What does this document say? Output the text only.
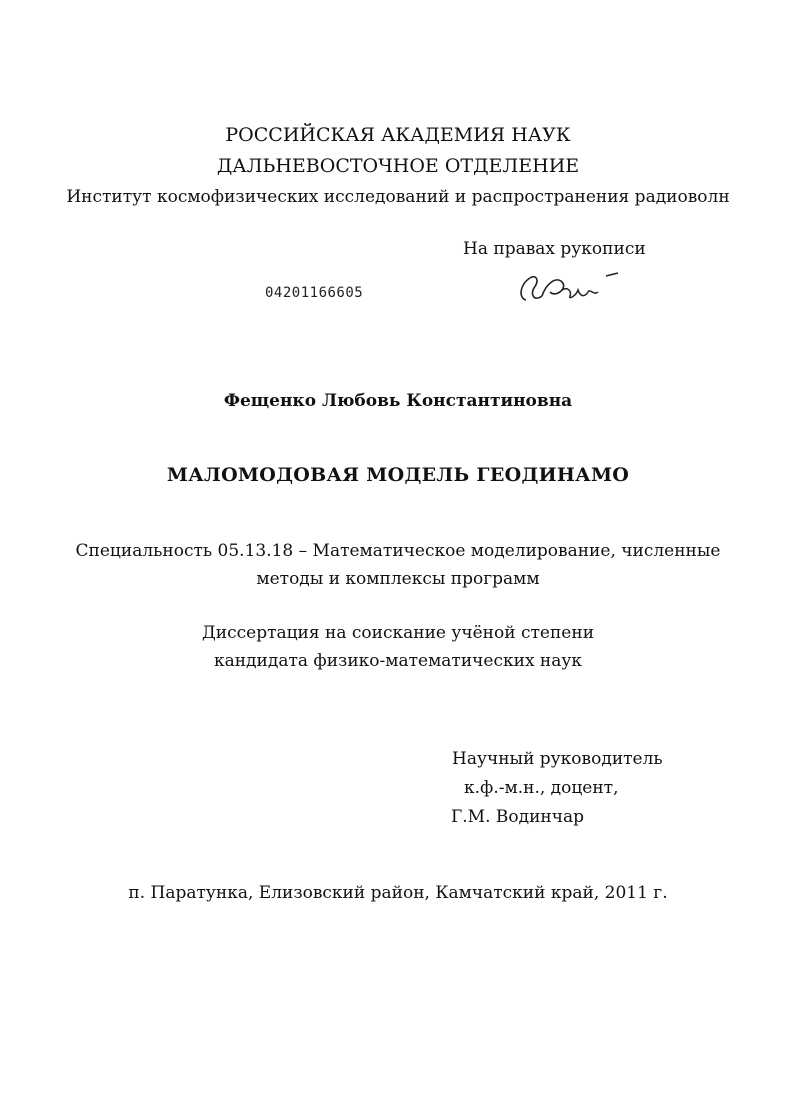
РОССИЙСКАЯ АКАДЕМИЯ НАУК
ДАЛЬНЕВОСТОЧНОЕ ОТДЕЛЕНИЕ
Институт космофизических исследований и распространения радиоволн
На правах рукописи
04201166605
Фещенко Любовь Константиновна
МАЛОМОДОВАЯ МОДЕЛЬ ГЕОДИНАМО
Специальность 05.13.18 – Математическое моделирование, численные
методы и комплексы программ
Диссертация на соискание учёной степени
кандидата физико-математических наук
Научный руководитель
к.ф.-м.н., доцент,
Г.М. Водинчар
п. Паратунка, Елизовский район, Камчатский край, 2011 г.
